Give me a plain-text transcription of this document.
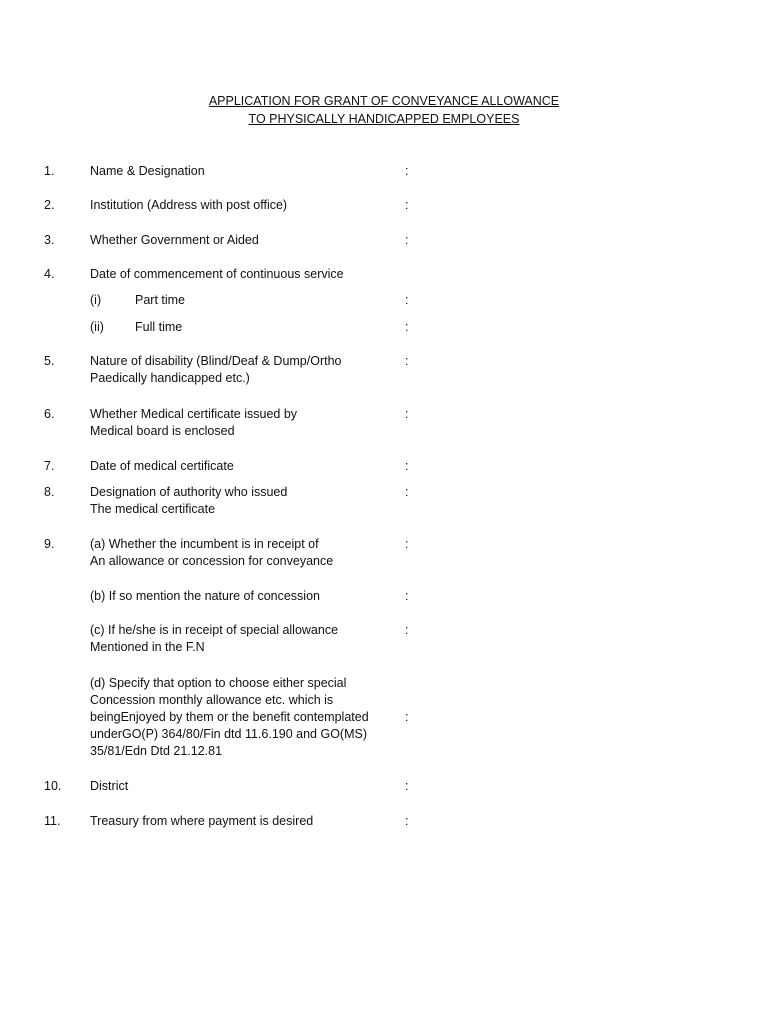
APPLICATION FOR GRANT OF CONVEYANCE ALLOWANCE
TO PHYSICALLY HANDICAPPED EMPLOYEES
1.	Name & Designation	:
2.	Institution (Address with post office)	:
3.	Whether Government or Aided	:
4.	Date of commencement of continuous service
(i)	Part time	:
(ii) Full time	:
5.	Nature of disability (Blind/Deaf & Dump/Ortho
Paedically handicapped etc.)
:
6.	Whether Medical certificate issued by
Medical board is enclosed
:
7.	Date of medical certificate	:
8.	Designation of authority who issued
The medical certificate
:
9.	(a) Whether the incumbent is in receipt of
An allowance or concession for conveyance
:
(b) If so mention the nature of concession	:
(c) If he/she is in receipt of special allowance
Mentioned in the F.N
:
(d) Specify that option to choose either special
Concession monthly allowance etc. which is
beingEnjoyed by them or the benefit contemplated
underGO(P) 364/80/Fin dtd 11.6.190 and GO(MS)
35/81/Edn Dtd 21.12.81
:
10. District	:
11. Treasury from where payment is desired	:
